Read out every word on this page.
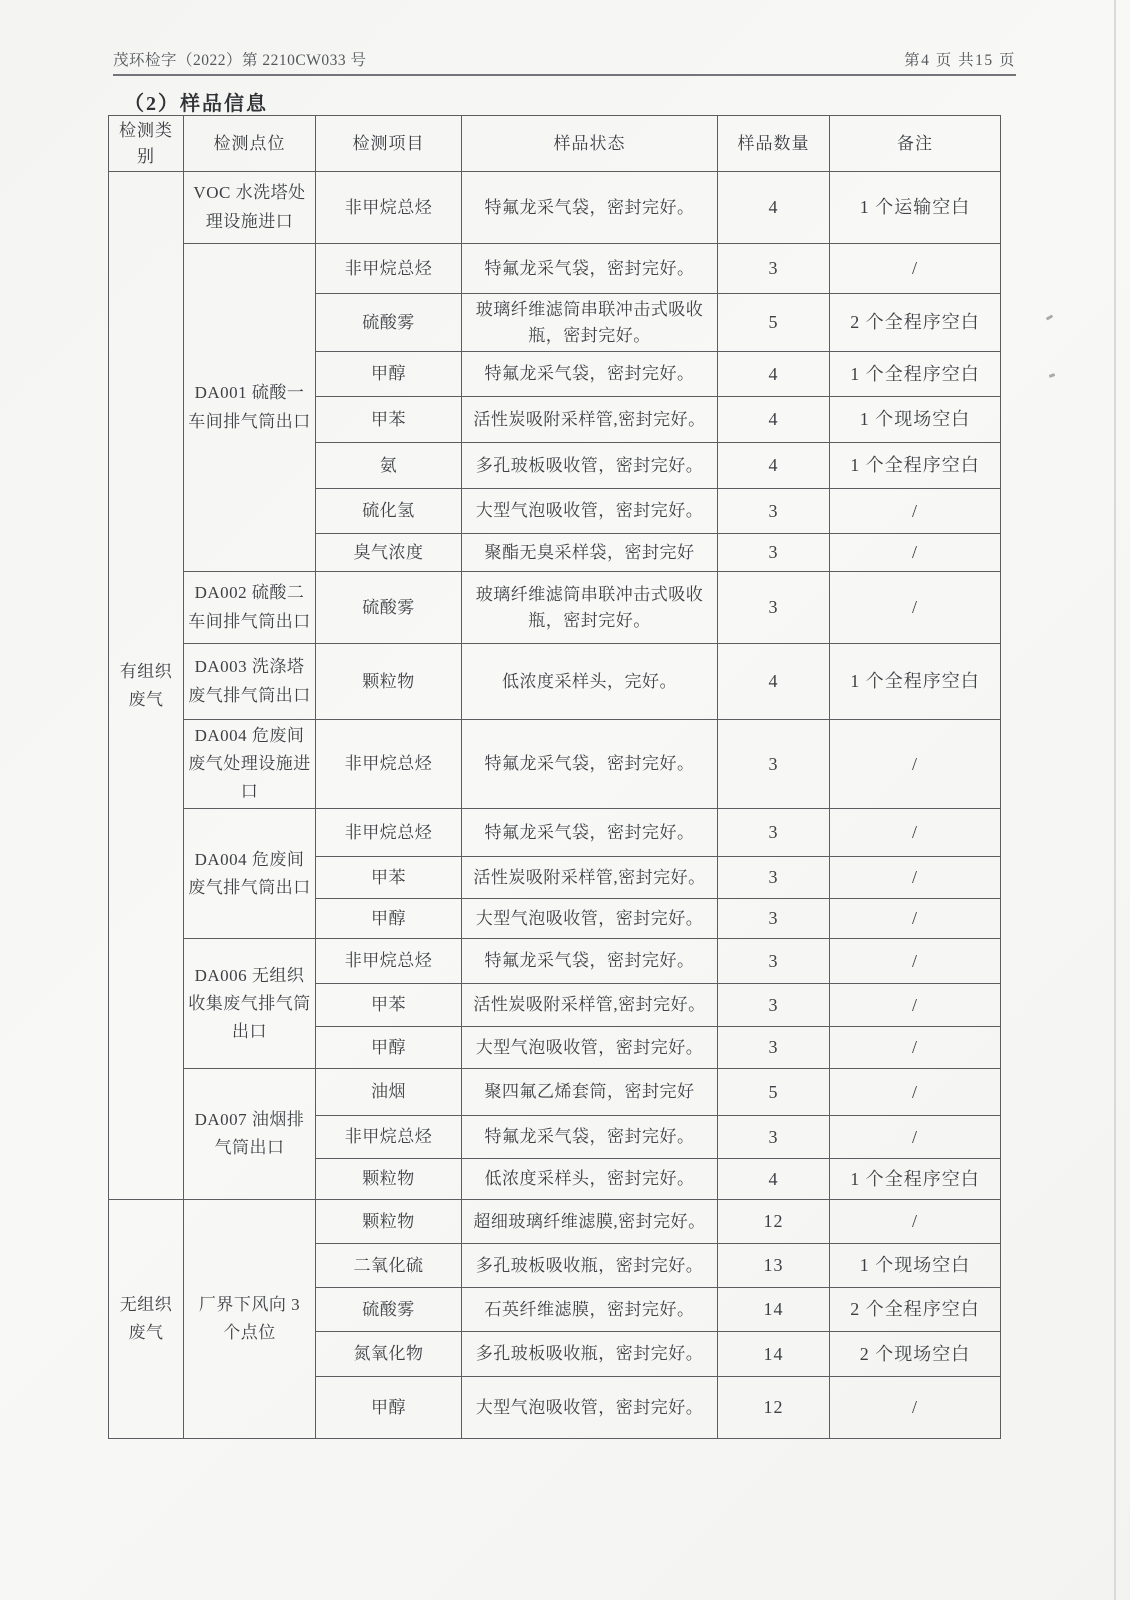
茂环检字（2022）第 2210CW033 号	第4 页 共15 页
（2）样品信息
检测类别	检测点位	检测项目	样品状态	样品数量	备注
有组织废气	VOC 水洗塔处理设施进口	非甲烷总烃	特氟龙采气袋，密封完好。	4	1 个运输空白
	DA001 硫酸一车间排气筒出口	非甲烷总烃	特氟龙采气袋，密封完好。	3	/
		硫酸雾	玻璃纤维滤筒串联冲击式吸收瓶，密封完好。	5	2 个全程序空白
		甲醇	特氟龙采气袋，密封完好。	4	1 个全程序空白
		甲苯	活性炭吸附采样管,密封完好。	4	1 个现场空白
		氨	多孔玻板吸收管，密封完好。	4	1 个全程序空白
		硫化氢	大型气泡吸收管，密封完好。	3	/
		臭气浓度	聚酯无臭采样袋，密封完好	3	/
	DA002 硫酸二车间排气筒出口	硫酸雾	玻璃纤维滤筒串联冲击式吸收瓶，密封完好。	3	/
	DA003 洗涤塔废气排气筒出口	颗粒物	低浓度采样头，完好。	4	1 个全程序空白
	DA004 危废间废气处理设施进口	非甲烷总烃	特氟龙采气袋，密封完好。	3	/
	DA004 危废间废气排气筒出口	非甲烷总烃	特氟龙采气袋，密封完好。	3	/
		甲苯	活性炭吸附采样管,密封完好。	3	/
		甲醇	大型气泡吸收管，密封完好。	3	/
	DA006 无组织收集废气排气筒出口	非甲烷总烃	特氟龙采气袋，密封完好。	3	/
		甲苯	活性炭吸附采样管,密封完好。	3	/
		甲醇	大型气泡吸收管，密封完好。	3	/
	DA007 油烟排气筒出口	油烟	聚四氟乙烯套筒，密封完好	5	/
		非甲烷总烃	特氟龙采气袋，密封完好。	3	/
		颗粒物	低浓度采样头，密封完好。	4	1 个全程序空白
无组织废气	厂界下风向 3 个点位	颗粒物	超细玻璃纤维滤膜,密封完好。	12	/
		二氧化硫	多孔玻板吸收瓶，密封完好。	13	1 个现场空白
		硫酸雾	石英纤维滤膜，密封完好。	14	2 个全程序空白
		氮氧化物	多孔玻板吸收瓶，密封完好。	14	2 个现场空白
		甲醇	大型气泡吸收管，密封完好。	12	/
